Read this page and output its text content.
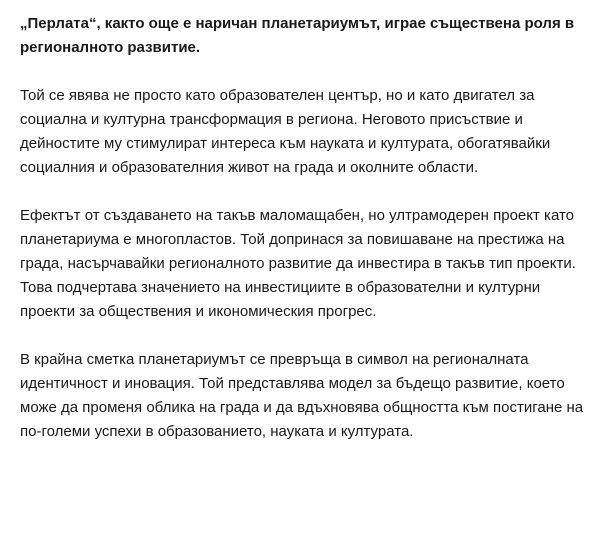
„Перлата“, както още е наричан планетариумът, играе съществена роля в регионалното развитие.

Той се явява не просто като образователен център, но и като двигател за социална и културна трансформация в региона. Неговото присъствие и дейностите му стимулират интереса към науката и културата, обогатявайки социалния и образователния живот на града и околните области.

Ефектът от създаването на такъв маломащабен, но ултрамодерен проект като планетариума е многопластов. Той допринася за повишаване на престижа на града, насърчавайки регионалното развитие да инвестира в такъв тип проекти. Това подчертава значението на инвестициите в образователни и културни проекти за обществения и икономическия прогрес.

В крайна сметка планетариумът се превръща в символ на регионалната идентичност и иновация. Той представлява модел за бъдещо развитие, което може да променя облика на града и да вдъхновява общността към постигане на по-големи успехи в образованието, науката и културата.
